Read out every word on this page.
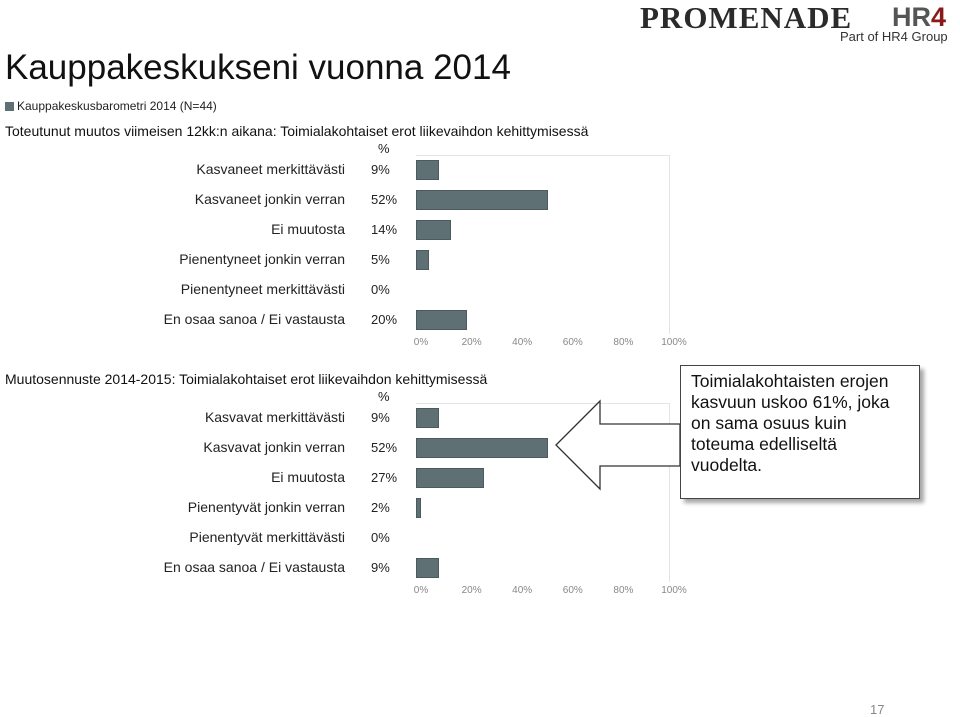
PROMENADE HR4
Part of HR4 Group
Kauppakeskukseni vuonna 2014
Kauppakeskusbarometri 2014 (N=44)
Toteutunut muutos viimeisen 12kk:n aikana: Toimialakohtaiset erot liikevaihdon kehittymisessä
%
Kasvaneet merkittävästi 9%
Kasvaneet jonkin verran 52%
Ei muutosta 14%
Pienentyneet jonkin verran 5%
Pienentyneet merkittävästi 0%
En osaa sanoa / Ei vastausta 20%
0%	20%	40%	60%	80%	100%
Muutosennuste 2014-2015: Toimialakohtaiset erot liikevaihdon kehittymisessä
%
Kasvavat merkittävästi 9%
Kasvavat jonkin verran 52%
Ei muutosta 27%
Pienentyvät jonkin verran 2%
Pienentyvät merkittävästi 0%
En osaa sanoa / Ei vastausta 9%
0%	20%	40%	60%	80%	100%
Toimialakohtaisten erojen kasvuun uskoo 61%, joka on sama osuus kuin toteuma edelliseltä vuodelta.
17
